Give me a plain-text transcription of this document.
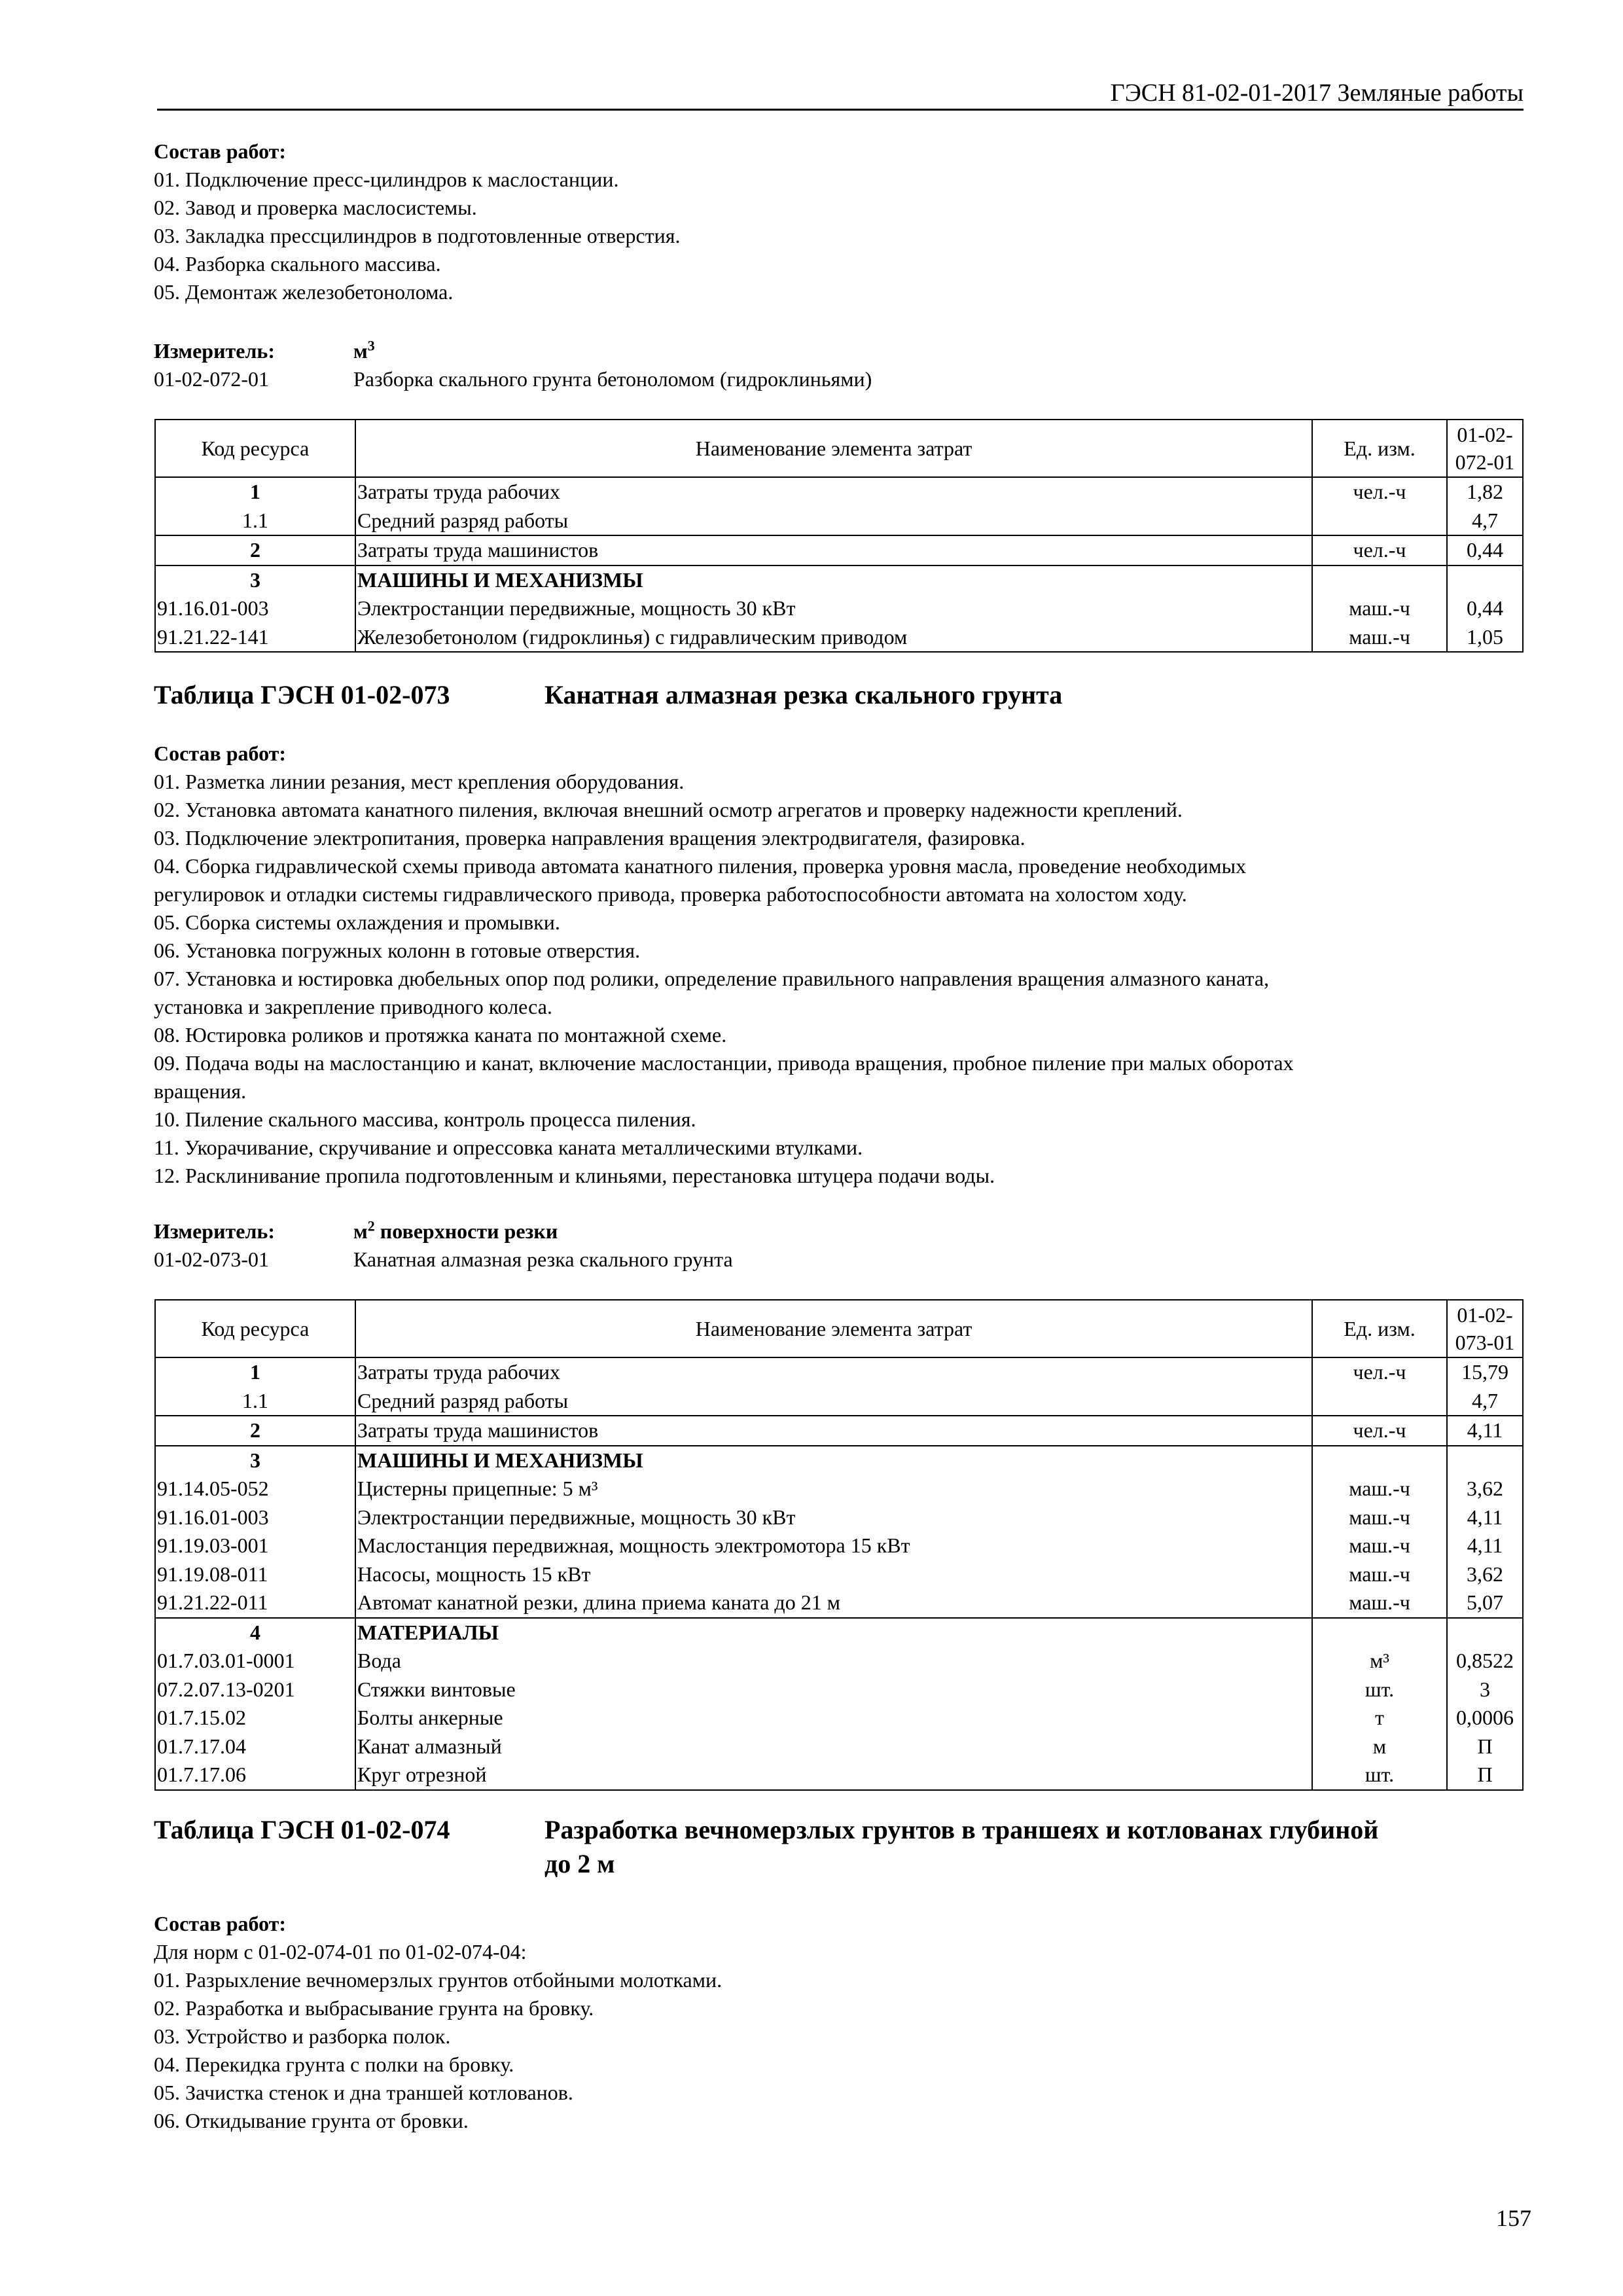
ГЭСН 81-02-01-2017 Земляные работы
Состав работ:
01. Подключение пресс-цилиндров к маслостанции.
02. Завод и проверка маслосистемы.
03. Закладка прессцилиндров в подготовленные отверстия.
04. Разборка скального массива.
05. Демонтаж железобетонолома.
Измеритель:	$м^3$
01-02-072-01	Разборка скального грунта бетоноломом (гидроклиньями)
Код ресурса	Наименование элемента затрат	Ед. изм.	01-02-
072-01
1	Затраты труда рабочих	чел.-ч	1,82
1.1	Средний разряд работы		4,7
2	Затраты труда машинистов	чел.-ч	0,44
3	МАШИНЫ И МЕХАНИЗМЫ		
91.16.01-003	Электростанции передвижные, мощность 30 кВт	маш.-ч	0,44
91.21.22-141	Железобетонолом (гидроклинья) с гидравлическим приводом	маш.-ч	1,05
Таблица ГЭСН 01-02-073	Канатная алмазная резка скального грунта
Состав работ:
01. Разметка линии резания, мест крепления оборудования.
02. Установка автомата канатного пиления, включая внешний осмотр агрегатов и проверку надежности креплений.
03. Подключение электропитания, проверка направления вращения электродвигателя, фазировка.
04. Сборка гидравлической схемы привода автомата канатного пиления, проверка уровня масла, проведение необходимых
регулировок и отладки системы гидравлического привода, проверка работоспособности автомата на холостом ходу.
05. Сборка системы охлаждения и промывки.
06. Установка погружных колонн в готовые отверстия.
07. Установка и юстировка дюбельных опор под ролики, определение правильного направления вращения алмазного каната,
установка и закрепление приводного колеса.
08. Юстировка роликов и протяжка каната по монтажной схеме.
09. Подача воды на маслостанцию и канат, включение маслостанции, привода вращения, пробное пиление при малых оборотах
вращения.
10. Пиление скального массива, контроль процесса пиления.
11. Укорачивание, скручивание и опрессовка каната металлическими втулками.
12. Расклинивание пропила подготовленным и клиньями, перестановка штуцера подачи воды.
Измеритель:	$м^2$ поверхности резки
01-02-073-01	Канатная алмазная резка скального грунта
Код ресурса	Наименование элемента затрат	Ед. изм.	01-02-
073-01
1	Затраты труда рабочих	чел.-ч	15,79
1.1	Средний разряд работы		4,7
2	Затраты труда машинистов	чел.-ч	4,11
3	МАШИНЫ И МЕХАНИЗМЫ		
91.14.05-052	Цистерны прицепные: 5 м³	маш.-ч	3,62
91.16.01-003	Электростанции передвижные, мощность 30 кВт	маш.-ч	4,11
91.19.03-001	Маслостанция передвижная, мощность электромотора 15 кВт	маш.-ч	4,11
91.19.08-011	Насосы, мощность 15 кВт	маш.-ч	3,62
91.21.22-011	Автомат канатной резки, длина приема каната до 21 м	маш.-ч	5,07
4	МАТЕРИАЛЫ		
01.7.03.01-0001	Вода	м³	0,8522
07.2.07.13-0201	Стяжки винтовые	шт.	3
01.7.15.02	Болты анкерные	т	0,0006
01.7.17.04	Канат алмазный	м	П
01.7.17.06	Круг отрезной	шт.	П
Таблица ГЭСН 01-02-074	Разработка вечномерзлых грунтов в траншеях и котлованах глубиной
до 2 м
Состав работ:
Для норм с 01-02-074-01 по 01-02-074-04:
01. Разрыхление вечномерзлых грунтов отбойными молотками.
02. Разработка и выбрасывание грунта на бровку.
03. Устройство и разборка полок.
04. Перекидка грунта с полки на бровку.
05. Зачистка стенок и дна траншей котлованов.
06. Откидывание грунта от бровки.
157
